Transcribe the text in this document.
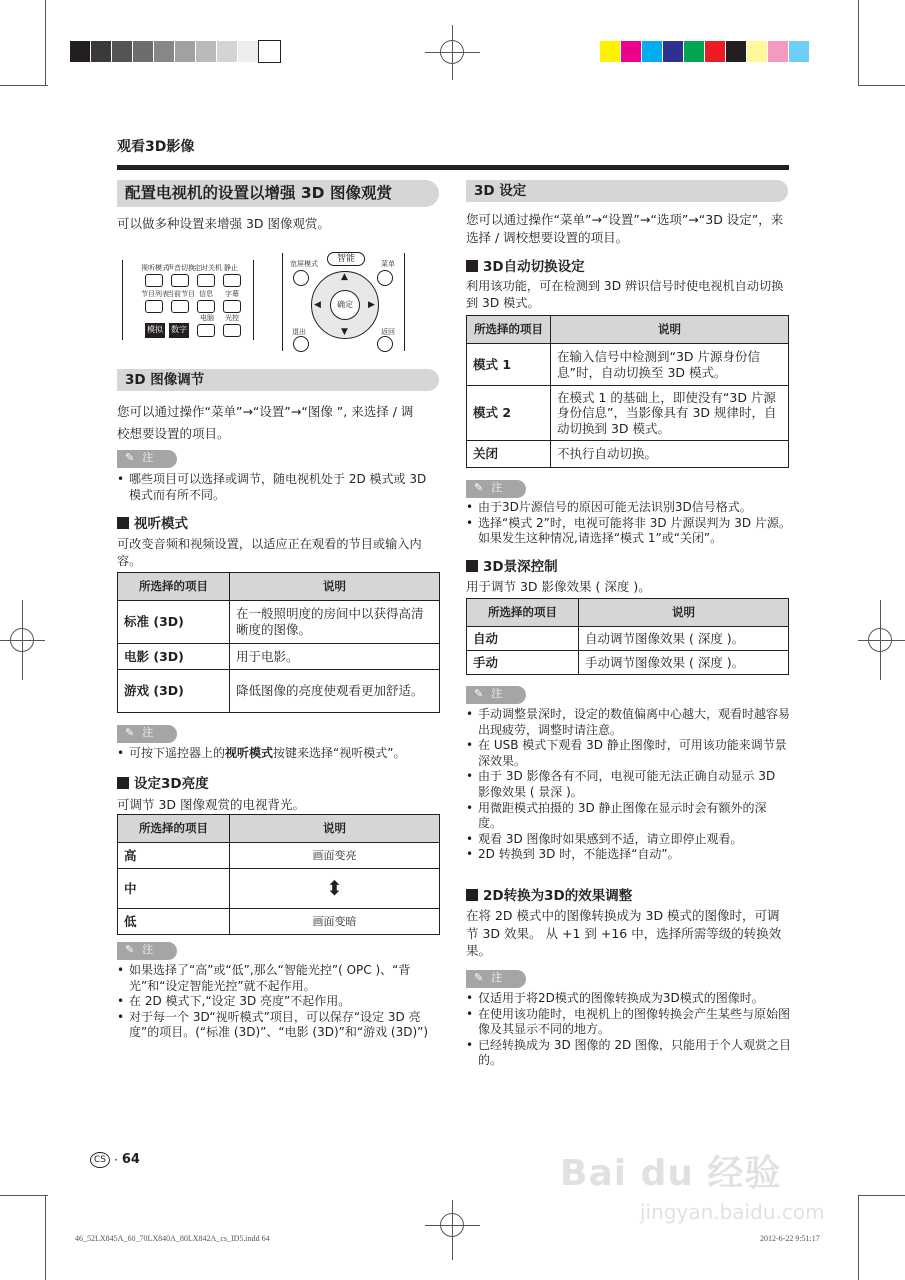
观看3D影像
配置电视机的设置以增强 3D 图像观赏

可以做多种设置来增强 3D 图像观赏。

视听模式
声音切换 定时关机 静止
节目列表
当前节目 信息 字幕
电脑 光控
模拟 数字
宽屏模式	智能	菜单
▲
▼
◀	▶
确定
退出	返回
3D 图像调节

您可以通过操作“菜单”→“设置”→“图像 ”, 来选择 / 调校想要设置的项目。

✎ 注
• 哪些项目可以选择或调节，随电视机处于 2D 模式或 3D 模式而有所不同。
视听模式

可改变音频和视频设置，以适应正在观看的节目或输入内容。

所选择的项目	说明
标准 (3D)	在一般照明度的房间中以获得高清晰度的图像。
电影 (3D)	用于电影。
游戏 (3D)	降低图像的亮度使观看更加舒适。
✎ 注
• 可按下遥控器上的视听模式按键来选择“视听模式”。
设定3D亮度

可调节 3D 图像观赏的电视背光。

所选择的项目	说明
高	画面变亮
中	⬍
低	画面变暗
✎ 注
• 如果选择了“高”或“低”,那么“智能光控”( OPC )、“背光”和“设定智能光控”就不起作用。
• 在 2D 模式下,“设定 3D 亮度”不起作用。
• 对于每一个 3D“视听模式”项目，可以保存“设定 3D 亮度”的项目。(“标准 (3D)”、“电影 (3D)”和“游戏 (3D)”)
3D 设定

您可以通过操作“菜单”→“设置”→“选项”→“3D 设定”，来选择 / 调校想要设置的项目。

3D自动切换设定

利用该功能，可在检测到 3D 辨识信号时使电视机自动切换到 3D 模式。

所选择的项目	说明
模式 1	在输入信号中检测到“3D 片源身份信息”时，自动切换至 3D 模式。
模式 2	在模式 1 的基础上，即使没有“3D 片源身份信息”，当影像具有 3D 规律时，自动切换到 3D 模式。
关闭	不执行自动切换。
✎ 注
• 由于3D片源信号的原因可能无法识别3D信号格式。
• 选择“模式 2”时，电视可能将非 3D 片源误判为 3D 片源。如果发生这种情况,请选择“模式 1”或“关闭”。
3D景深控制

用于调节 3D 影像效果 ( 深度 )。

所选择的项目	说明
自动	自动调节图像效果 ( 深度 )。
手动	手动调节图像效果 ( 深度 )。
✎ 注
• 手动调整景深时，设定的数值偏离中心越大，观看时越容易出现疲劳，调整时请注意。
• 在 USB 模式下观看 3D 静止图像时，可用该功能来调节景深效果。
• 由于 3D 影像各有不同，电视可能无法正确自动显示 3D 影像效果 ( 景深 )。
• 用微距模式拍摄的 3D 静止图像在显示时会有额外的深度。
• 观看 3D 图像时如果感到不适，请立即停止观看。
• 2D 转换到 3D 时，不能选择“自动”。
2D转换为3D的效果调整

在将 2D 模式中的图像转换成为 3D 模式的图像时，可调节 3D 效果。 从 +1 到 +16 中，选择所需等级的转换效果。

✎ 注
• 仅适用于将2D模式的图像转换成为3D模式的图像时。
• 在使用该功能时，电视机上的图像转换会产生某些与原始图像及其显示不同的地方。
• 已经转换成为 3D 图像的 2D 图像，只能用于个人观赏之目的。
CS · 64	Bai du 经验
jingyan.baidu.com
46_52LX845A_60_70LX840A_80LX842A_cs_ID5.indd 64	2012-6-22 9:51:17
